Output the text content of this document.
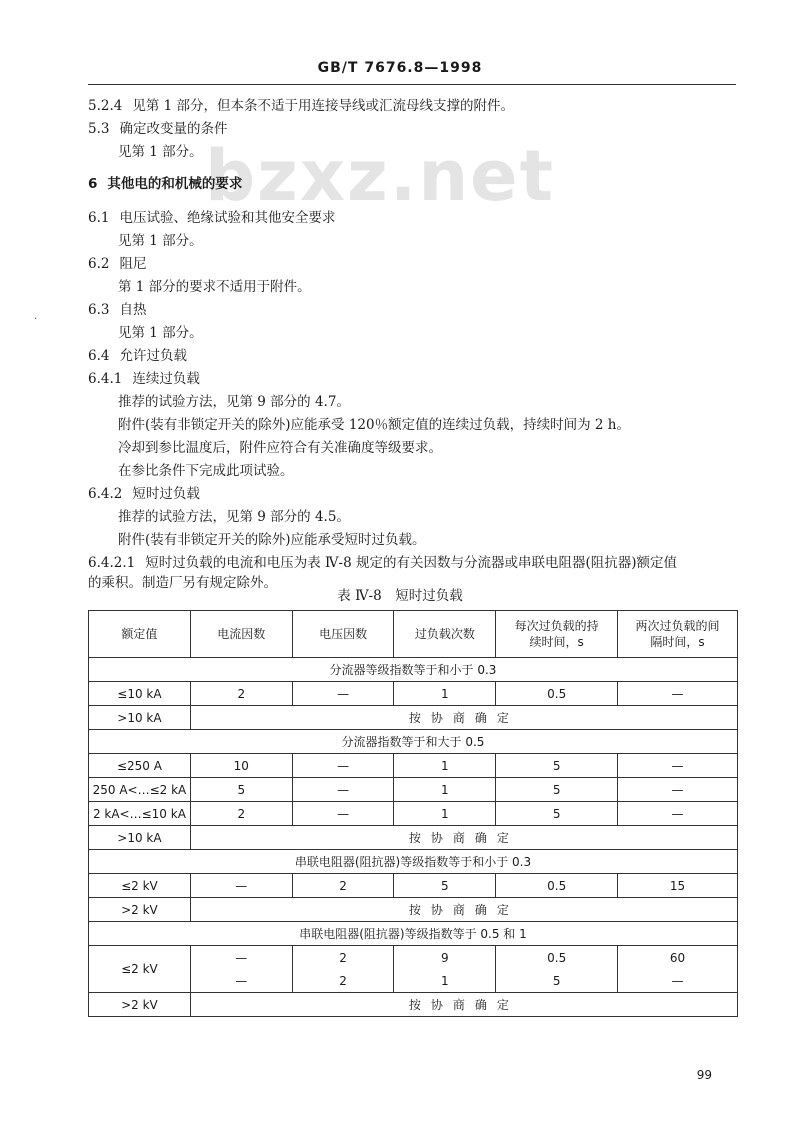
GB/T 7676.8—1998
bzxz.net
·
5.2.4 见第 1 部分，但本条不适于用连接导线或汇流母线支撑的附件。
5.3 确定改变量的条件
见第 1 部分。
6 其他电的和机械的要求
6.1 电压试验、绝缘试验和其他安全要求
见第 1 部分。
6.2 阻尼
第 1 部分的要求不适用于附件。
6.3 自热
见第 1 部分。
6.4 允许过负载
6.4.1 连续过负载
推荐的试验方法，见第 9 部分的 4.7。
附件(装有非锁定开关的除外)应能承受 120％额定值的连续过负载，持续时间为 2 h。
冷却到参比温度后，附件应符合有关准确度等级要求。
在参比条件下完成此项试验。
6.4.2 短时过负载
推荐的试验方法，见第 9 部分的 4.5。
附件(装有非锁定开关的除外)应能承受短时过负载。
6.4.2.1 短时过负载的电流和电压为表 Ⅳ-8 规定的有关因数与分流器或串联电阻器(阻抗器)额定值
的乘积。制造厂另有规定除外。
表 Ⅳ-8　短时过负载
额定值	电流因数	电压因数	过负载次数	每次过负载的持续时间，s	两次过负载的间隔时间，s
分流器等级指数等于和小于 0.3					
≤10 kA	2	—	1	0.5	—
>10 kA	按协商确定				
分流器指数等于和大于 0.5					
≤250 A	10	—	1	5	—
250 A<…≤2 kA	5	—	1	5	—
2 kA<…≤10 kA	2	—	1	5	—
>10 kA	按协商确定				
串联电阻器(阻抗器)等级指数等于和小于 0.3					
≤2 kV	—	2	5	0.5	15
>2 kV	按协商确定				
串联电阻器(阻抗器)等级指数等于 0.5 和 1					
≤2 kV	—	2	9	0.5	60
	—	2	1	5	—
>2 kV	按协商确定				
99
